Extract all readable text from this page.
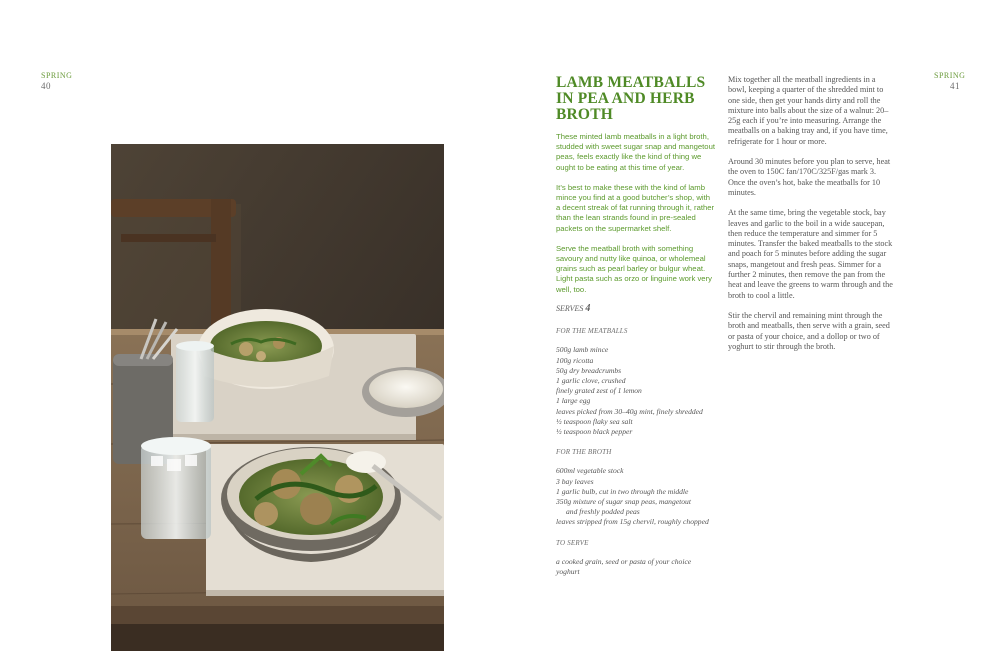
SPRING
40
SPRING
41
LAMB MEATBALLS IN PEA AND HERB BROTH

These minted lamb meatballs in a light broth, studded with sweet sugar snap and mangetout peas, feels exactly like the kind of thing we ought to be eating at this time of year.

It’s best to make these with the kind of lamb mince you find at a good butcher’s shop, with a decent streak of fat running through it, rather than the lean strands found in pre-sealed packets on the supermarket shelf.

Serve the meatball broth with something savoury and nutty like quinoa, or wholemeal grains such as pearl barley or bulgur wheat. Light pasta such as orzo or linguine work very well, too.

SERVES 4
FOR THE MEATBALLS
500g lamb mince
100g ricotta
50g dry breadcrumbs
1 garlic clove, crushed
finely grated zest of 1 lemon
1 large egg
leaves picked from 30–40g mint, finely shredded
½ teaspoon flaky sea salt
½ teaspoon black pepper
FOR THE BROTH
600ml vegetable stock
3 bay leaves
1 garlic bulb, cut in two through the middle
350g mixture of sugar snap peas, mangetout
and freshly podded peas
leaves stripped from 15g chervil, roughly chopped
TO SERVE
a cooked grain, seed or pasta of your choice
yoghurt

Mix together all the meatball ingredients in a bowl, keeping a quarter of the shredded mint to one side, then get your hands dirty and roll the mixture into balls about the size of a walnut: 20–25g each if you’re into measuring. Arrange the meatballs on a baking tray and, if you have time, refrigerate for 1 hour or more.

Around 30 minutes before you plan to serve, heat the oven to 150C fan/170C/325F/gas mark 3. Once the oven’s hot, bake the meatballs for 10 minutes.

At the same time, bring the vegetable stock, bay leaves and garlic to the boil in a wide saucepan, then reduce the temperature and simmer for 5 minutes. Transfer the baked meatballs to the stock and poach for 5 minutes before adding the sugar snaps, mangetout and fresh peas. Simmer for a further 2 minutes, then remove the pan from the heat and leave the greens to warm through and the broth to cool a little.

Stir the chervil and remaining mint through the broth and meatballs, then serve with a grain, seed or pasta of your choice, and a dollop or two of yoghurt to stir through the broth.
